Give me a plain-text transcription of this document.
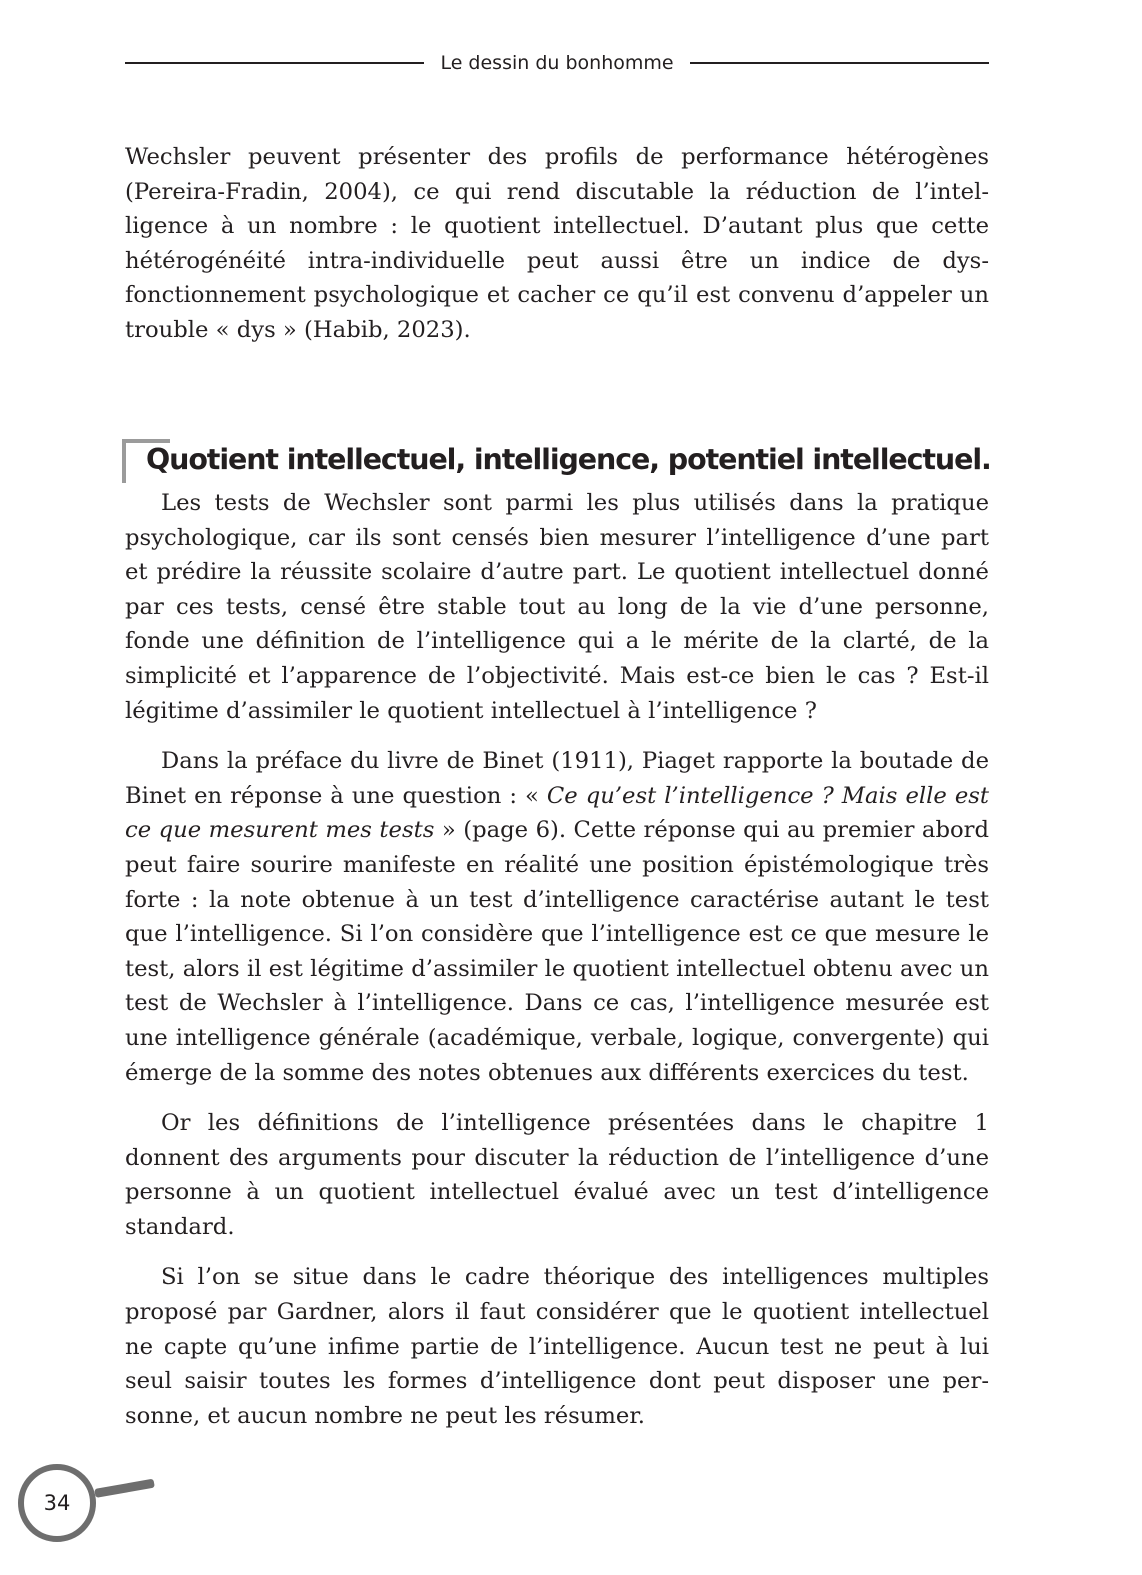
Le dessin du bonhomme

Wechsler peuvent présenter des profils de performance hétérogènes (Pereira-Fradin, 2004), ce qui rend discutable la réduction de l’intelligence à un nombre : le quotient intellectuel. D’autant plus que cette hétérogénéité intra-individuelle peut aussi être un indice de dysfonctionnement psychologique et cacher ce qu’il est convenu d’appeler un trouble « dys » (Habib, 2023).

Quotient intellectuel, intelligence, potentiel intellectuel.

Les tests de Wechsler sont parmi les plus utilisés dans la pratique psychologique, car ils sont censés bien mesurer l’intelligence d’une part et prédire la réussite scolaire d’autre part. Le quotient intellectuel donné par ces tests, censé être stable tout au long de la vie d’une personne, fonde une définition de l’intelligence qui a le mérite de la clarté, de la simplicité et l’apparence de l’objectivité. Mais est-ce bien le cas ? Est-il légitime d’assimiler le quotient intellectuel à l’intelligence ?

Dans la préface du livre de Binet (1911), Piaget rapporte la boutade de Binet en réponse à une question : « Ce qu’est l’intelligence ? Mais elle est ce que mesurent mes tests » (page 6). Cette réponse qui au premier abord peut faire sourire manifeste en réalité une position épistémologique très forte : la note obtenue à un test d’intelligence caractérise autant le test que l’intelligence. Si l’on considère que l’intelligence est ce que mesure le test, alors il est légitime d’assimiler le quotient intellectuel obtenu avec un test de Wechsler à l’intelligence. Dans ce cas, l’intelligence mesurée est une intelligence générale (académique, verbale, logique, convergente) qui émerge de la somme des notes obtenues aux différents exercices du test.

Or les définitions de l’intelligence présentées dans le chapitre 1 donnent des arguments pour discuter la réduction de l’intelligence d’une personne à un quotient intellectuel évalué avec un test d’intelligence standard.

Si l’on se situe dans le cadre théorique des intelligences multiples proposé par Gardner, alors il faut considérer que le quotient intellectuel ne capte qu’une infime partie de l’intelligence. Aucun test ne peut à lui seul saisir toutes les formes d’intelligence dont peut disposer une personne, et aucun nombre ne peut les résumer.

34
